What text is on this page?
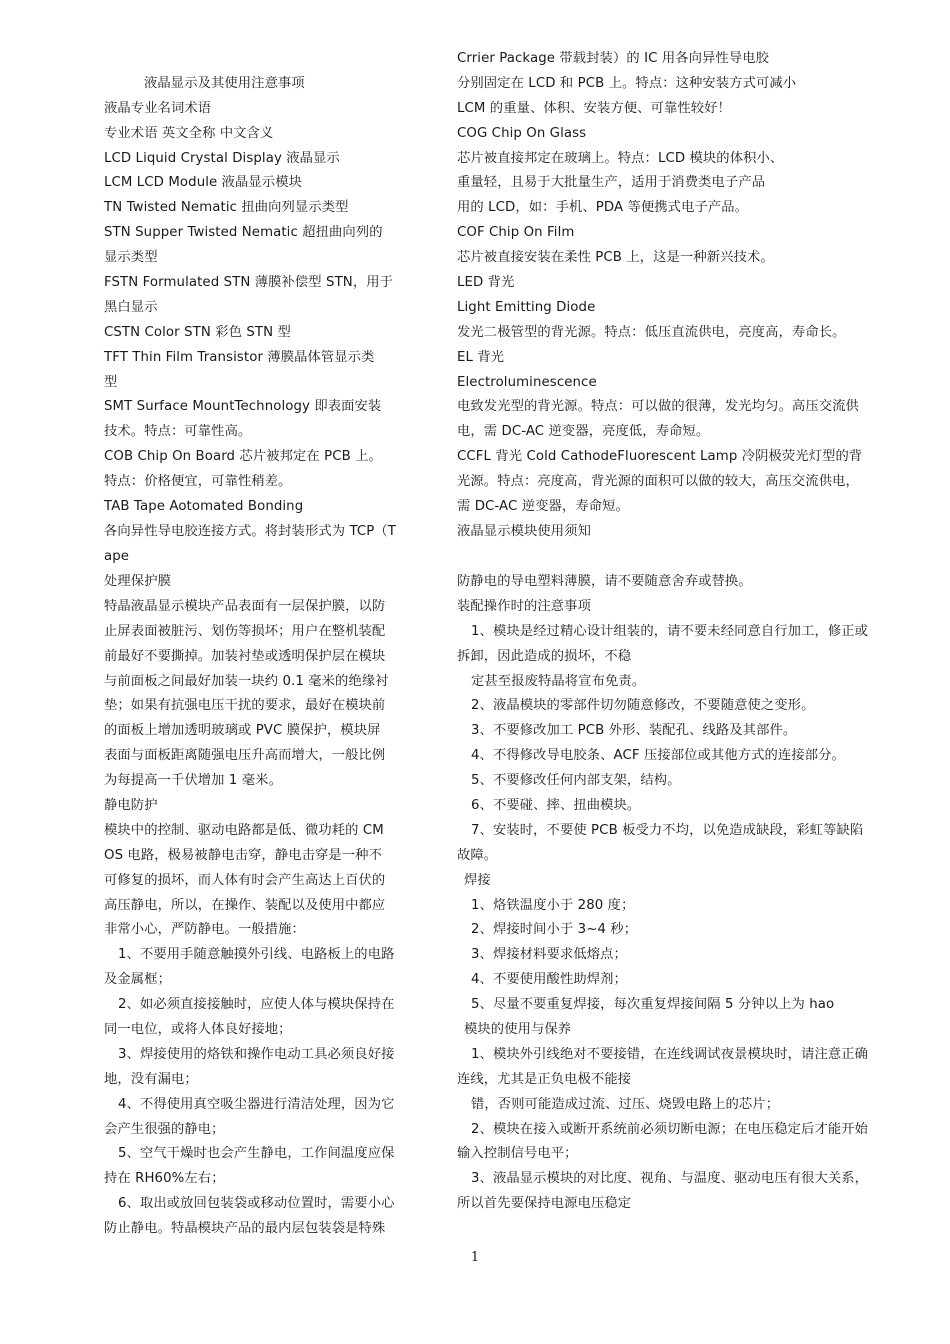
液晶显示及其使用注意事项
液晶专业名词术语
专业术语 英文全称 中文含义
LCD Liquid Crystal Display 液晶显示
LCM LCD Module 液晶显示模块
TN Twisted Nematic 扭曲向列显示类型
STN Supper Twisted Nematic 超扭曲向列的
显示类型
FSTN Formulated STN 薄膜补偿型 STN，用于
黑白显示
CSTN Color STN 彩色 STN 型
TFT Thin Film Transistor 薄膜晶体管显示类
型
SMT Surface MountTechnology 即表面安装
技术。特点：可靠性高。
COB Chip On Board 芯片被邦定在 PCB 上。
特点：价格便宜，可靠性稍差。
TAB Tape Aotomated Bonding
各向异性导电胶连接方式。将封装形式为 TCP（T
ape
处理保护膜
特晶液晶显示模块产品表面有一层保护膜，以防
止屏表面被脏污、划伤等损坏；用户在整机装配
前最好不要撕掉。加装衬垫或透明保护层在模块
与前面板之间最好加装一块约 0.1 毫米的绝缘衬
垫；如果有抗强电压干扰的要求，最好在模块前
的面板上增加透明玻璃或 PVC 膜保护，模块屏
表面与面板距离随强电压升高而增大，一般比例
为每提高一千伏增加 1 毫米。
静电防护
模块中的控制、驱动电路都是低、微功耗的 CM
OS 电路，极易被静电击穿，静电击穿是一种不
可修复的损坏，而人体有时会产生高达上百伏的
高压静电，所以，在操作、装配以及使用中都应
非常小心，严防静电。一般措施：
1、不要用手随意触摸外引线、电路板上的电路
及金属框；
2、如必须直接接触时，应使人体与模块保持在
同一电位，或将人体良好接地；
3、焊接使用的烙铁和操作电动工具必须良好接
地，没有漏电；
4、不得使用真空吸尘器进行清洁处理，因为它
会产生很强的静电；
5、空气干燥时也会产生静电，工作间温度应保
持在 RH60%左右；
6、取出或放回包装袋或移动位置时，需要小心
防止静电。特晶模块产品的最内层包装袋是特殊
Crrier Package 带载封装）的 IC 用各向异性导电胶
分别固定在 LCD 和 PCB 上。特点：这种安装方式可减小
LCM 的重量、体积、安装方便、可靠性较好！
COG Chip On Glass
芯片被直接邦定在玻璃上。特点：LCD 模块的体积小、
重量轻，且易于大批量生产，适用于消费类电子产品
用的 LCD，如：手机、PDA 等便携式电子产品。
COF Chip On Film
芯片被直接安装在柔性 PCB 上，这是一种新兴技术。
LED 背光
Light Emitting Diode
发光二极管型的背光源。特点：低压直流供电，亮度高，寿命长。
EL 背光
Electroluminescence
电致发光型的背光源。特点：可以做的很薄，发光均匀。高压交流供
电，需 DC-AC 逆变器，亮度低，寿命短。
CCFL 背光 Cold CathodeFluorescent Lamp 冷阴极荧光灯型的背
光源。特点：亮度高，背光源的面积可以做的较大，高压交流供电，
需 DC-AC 逆变器，寿命短。
液晶显示模块使用须知
防静电的导电塑料薄膜，请不要随意舍弃或替换。
装配操作时的注意事项
1、模块是经过精心设计组装的，请不要未经同意自行加工，修正或
拆卸，因此造成的损坏，不稳
定甚至报废特晶将宣布免责。
2、液晶模块的零部件切勿随意修改，不要随意使之变形。
3、不要修改加工 PCB 外形、装配孔、线路及其部件。
4、不得修改导电胶条、ACF 压接部位或其他方式的连接部分。
5、不要修改任何内部支架，结构。
6、不要碰、摔、扭曲模块。
7、安装时，不要使 PCB 板受力不均，以免造成缺段，彩虹等缺陷
故障。
焊接
1、烙铁温度小于 280 度；
2、焊接时间小于 3~4 秒；
3、焊接材料要求低熔点；
4、不要使用酸性助焊剂；
5、尽量不要重复焊接，每次重复焊接间隔 5 分钟以上为 hao
模块的使用与保养
1、模块外引线绝对不要接错，在连线调试夜景模块时，请注意正确
连线，尤其是正负电极不能接
错，否则可能造成过流、过压、烧毁电路上的芯片；
2、模块在接入或断开系统前必须切断电源；在电压稳定后才能开始
输入控制信号电平；
3、液晶显示模块的对比度、视角、与温度、驱动电压有很大关系，
所以首先要保持电源电压稳定
1
